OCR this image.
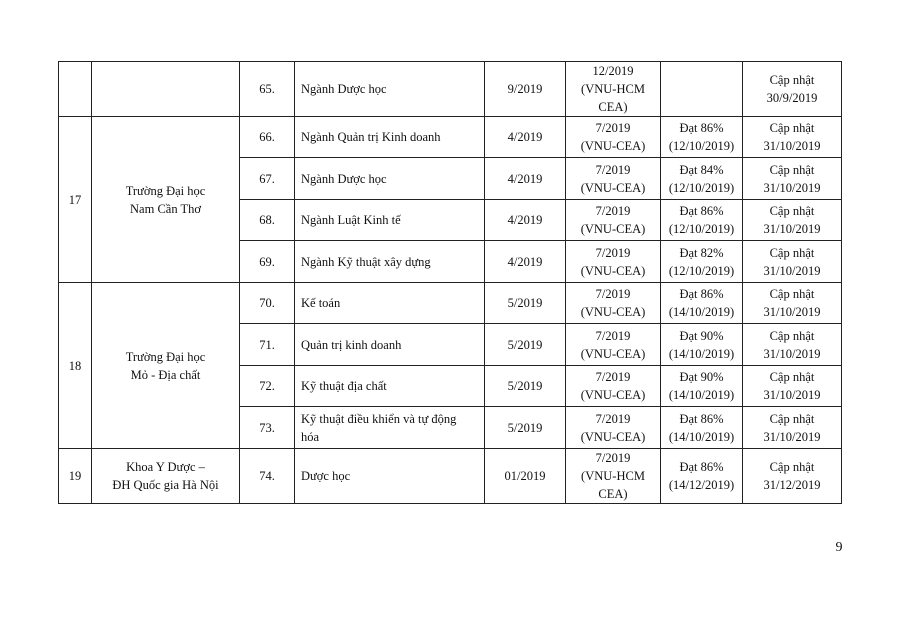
		65.	Ngành Dược học	9/2019	12/2019
(VNU-HCM
CEA)		Cập nhật
30/9/2019

17	Trường Đại học
Nam Cần Thơ	66.	Ngành Quản trị Kinh doanh	4/2019	7/2019
(VNU-CEA)	Đạt 86%
(12/10/2019)	Cập nhật
31/10/2019

		67.	Ngành Dược học	4/2019	7/2019
(VNU-CEA)	Đạt 84%
(12/10/2019)	Cập nhật
31/10/2019

		68.	Ngành Luật Kinh tế	4/2019	7/2019
(VNU-CEA)	Đạt 86%
(12/10/2019)	Cập nhật
31/10/2019

		69.	Ngành Kỹ thuật xây dựng	4/2019	7/2019
(VNU-CEA)	Đạt 82%
(12/10/2019)	Cập nhật
31/10/2019

18	Trường Đại học
Mỏ - Địa chất	70.	Kế toán	5/2019	7/2019
(VNU-CEA)	Đạt 86%
(14/10/2019)	Cập nhật
31/10/2019

		71.	Quản trị kinh doanh	5/2019	7/2019
(VNU-CEA)	Đạt 90%
(14/10/2019)	Cập nhật
31/10/2019

		72.	Kỹ thuật địa chất	5/2019	7/2019
(VNU-CEA)	Đạt 90%
(14/10/2019)	Cập nhật
31/10/2019

		73.	Kỹ thuật điều khiển và tự động
hóa	5/2019	7/2019
(VNU-CEA)	Đạt 86%
(14/10/2019)	Cập nhật
31/10/2019

19	Khoa Y Dược –
ĐH Quốc gia Hà Nội	74.	Dược học	01/2019	7/2019
(VNU-HCM
CEA)	Đạt 86%
(14/12/2019)	Cập nhật
31/12/2019
9
